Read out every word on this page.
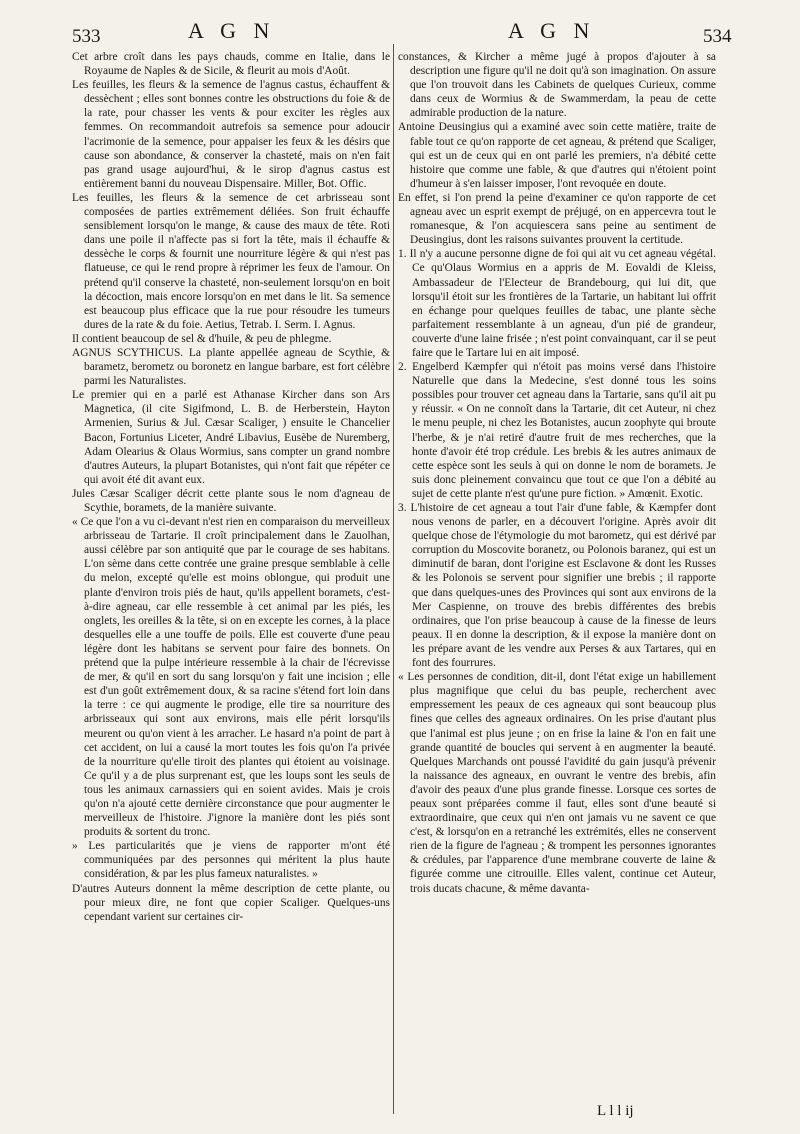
533	A G N	A G N	534

Cet arbre croît dans les pays chauds, comme en Italie, dans le Royaume de Naples & de Sicile, & fleurit au mois d'Août.

Les feuilles, les fleurs & la semence de l'agnus castus, échauffent & dessèchent ; elles sont bonnes contre les obstructions du foie & de la rate, pour chasser les vents & pour exciter les règles aux femmes. On recommandoit autrefois sa semence pour adoucir l'acrimonie de la semence, pour appaiser les feux & les désirs que cause son abondance, & conserver la chasteté, mais on n'en fait pas grand usage aujourd'hui, & le sirop d'agnus castus est entièrement banni du nouveau Dispensaire. Miller, Bot. Offic.

Les feuilles, les fleurs & la semence de cet arbrisseau sont composées de parties extrêmement déliées. Son fruit échauffe sensiblement lorsqu'on le mange, & cause des maux de tête. Roti dans une poile il n'affecte pas si fort la tête, mais il échauffe & dessèche le corps & fournit une nourriture légère & qui n'est pas flatueuse, ce qui le rend propre à réprimer les feux de l'amour. On prétend qu'il conserve la chasteté, non-seulement lorsqu'on en boit la décoction, mais encore lorsqu'on en met dans le lit. Sa semence est beaucoup plus efficace que la rue pour résoudre les tumeurs dures de la rate & du foie. Aetius, Tetrab. I. Serm. I. Agnus.

Il contient beaucoup de sel & d'huile, & peu de phlegme.

AGNUS SCYTHICUS. La plante appellée agneau de Scythie, & barametz, berometz ou boronetz en langue barbare, est fort célèbre parmi les Naturalistes.

Le premier qui en a parlé est Athanase Kircher dans son Ars Magnetica, (il cite Sigifmond, L. B. de Herberstein, Hayton Armenien, Surius & Jul. Cæsar Scaliger, ) ensuite le Chancelier Bacon, Fortunius Liceter, André Libavius, Eusèbe de Nuremberg, Adam Olearius & Olaus Wormius, sans compter un grand nombre d'autres Auteurs, la plupart Botanistes, qui n'ont fait que répéter ce qui avoit été dit avant eux.

Jules Cæsar Scaliger décrit cette plante sous le nom d'agneau de Scythie, boramets, de la manière suivante.

« Ce que l'on a vu ci-devant n'est rien en comparaison du merveilleux arbrisseau de Tartarie. Il croît principalement dans le Zauolhan, aussi célèbre par son antiquité que par le courage de ses habitans. L'on sème dans cette contrée une graine presque semblable à celle du melon, excepté qu'elle est moins oblongue, qui produit une plante d'environ trois piés de haut, qu'ils appellent boramets, c'est-à-dire agneau, car elle ressemble à cet animal par les piés, les onglets, les oreilles & la tête, si on en excepte les cornes, à la place desquelles elle a une touffe de poils. Elle est couverte d'une peau légère dont les habitans se servent pour faire des bonnets. On prétend que la pulpe intérieure ressemble à la chair de l'écrevisse de mer, & qu'il en sort du sang lorsqu'on y fait une incision ; elle est d'un goût extrêmement doux, & sa racine s'étend fort loin dans la terre : ce qui augmente le prodige, elle tire sa nourriture des arbrisseaux qui sont aux environs, mais elle périt lorsqu'ils meurent ou qu'on vient à les arracher. Le hasard n'a point de part à cet accident, on lui a causé la mort toutes les fois qu'on l'a privée de la nourriture qu'elle tiroit des plantes qui étoient au voisinage. Ce qu'il y a de plus surprenant est, que les loups sont les seuls de tous les animaux carnassiers qui en soient avides. Mais je crois qu'on n'a ajouté cette dernière circonstance que pour augmenter le merveilleux de l'histoire. J'ignore la manière dont les piés sont produits & sortent du tronc.

» Les particularités que je viens de rapporter m'ont été communiquées par des personnes qui méritent la plus haute considération, & par les plus fameux naturalistes. »

D'autres Auteurs donnent la même description de cette plante, ou pour mieux dire, ne font que copier Scaliger. Quelques-uns cependant varient sur certaines cir-

constances, & Kircher a même jugé à propos d'ajouter à sa description une figure qu'il ne doit qu'à son imagination. On assure que l'on trouvoit dans les Cabinets de quelques Curieux, comme dans ceux de Wormius & de Swammerdam, la peau de cette admirable production de la nature.

Antoine Deusingius qui a examiné avec soin cette matière, traite de fable tout ce qu'on rapporte de cet agneau, & prétend que Scaliger, qui est un de ceux qui en ont parlé les premiers, n'a débité cette histoire que comme une fable, & que d'autres qui n'étoient point d'humeur à s'en laisser imposer, l'ont revoquée en doute.

En effet, si l'on prend la peine d'examiner ce qu'on rapporte de cet agneau avec un esprit exempt de préjugé, on en appercevra tout le romanesque, & l'on acquiescera sans peine au sentiment de Deusingius, dont les raisons suivantes prouvent la certitude.

1. Il n'y a aucune personne digne de foi qui ait vu cet agneau végétal. Ce qu'Olaus Wormius en a appris de M. Eovaldi de Kleiss, Ambassadeur de l'Electeur de Brandebourg, qui lui dit, que lorsqu'il étoit sur les frontières de la Tartarie, un habitant lui offrit en échange pour quelques feuilles de tabac, une plante sèche parfaitement ressemblante à un agneau, d'un pié de grandeur, couverte d'une laine frisée ; n'est point convainquant, car il se peut faire que le Tartare lui en ait imposé.

2. Engelberd Kæmpfer qui n'étoit pas moins versé dans l'histoire Naturelle que dans la Medecine, s'est donné tous les soins possibles pour trouver cet agneau dans la Tartarie, sans qu'il ait pu y réussir. « On ne connoît dans la Tartarie, dit cet Auteur, ni chez le menu peuple, ni chez les Botanistes, aucun zoophyte qui broute l'herbe, & je n'ai retiré d'autre fruit de mes recherches, que la honte d'avoir été trop crédule. Les brebis & les autres animaux de cette espèce sont les seuls à qui on donne le nom de boramets. Je suis donc pleinement convaincu que tout ce que l'on a débité au sujet de cette plante n'est qu'une pure fiction. » Amœnit. Exotic.

3. L'histoire de cet agneau a tout l'air d'une fable, & Kæmpfer dont nous venons de parler, en a découvert l'origine. Après avoir dit quelque chose de l'étymologie du mot barometz, qui est dérivé par corruption du Moscovite boranetz, ou Polonois baranez, qui est un diminutif de baran, dont l'origine est Esclavone & dont les Russes & les Polonois se servent pour signifier une brebis ; il rapporte que dans quelques-unes des Provinces qui sont aux environs de la Mer Caspienne, on trouve des brebis différentes des brebis ordinaires, que l'on prise beaucoup à cause de la finesse de leurs peaux. Il en donne la description, & il expose la manière dont on les prépare avant de les vendre aux Perses & aux Tartares, qui en font des fourrures.

« Les personnes de condition, dit-il, dont l'état exige un habillement plus magnifique que celui du bas peuple, recherchent avec empressement les peaux de ces agneaux qui sont beaucoup plus fines que celles des agneaux ordinaires. On les prise d'autant plus que l'animal est plus jeune ; on en frise la laine & l'on en fait une grande quantité de boucles qui servent à en augmenter la beauté. Quelques Marchands ont poussé l'avidité du gain jusqu'à prévenir la naissance des agneaux, en ouvrant le ventre des brebis, afin d'avoir des peaux d'une plus grande finesse. Lorsque ces sortes de peaux sont préparées comme il faut, elles sont d'une beauté si extraordinaire, que ceux qui n'en ont jamais vu ne savent ce que c'est, & lorsqu'on en a retranché les extrémités, elles ne conservent rien de la figure de l'agneau ; & trompent les personnes ignorantes & crédules, par l'apparence d'une membrane couverte de laine & figurée comme une citrouille. Elles valent, continue cet Auteur, trois ducats chacune, & même davanta-

L l l ij
